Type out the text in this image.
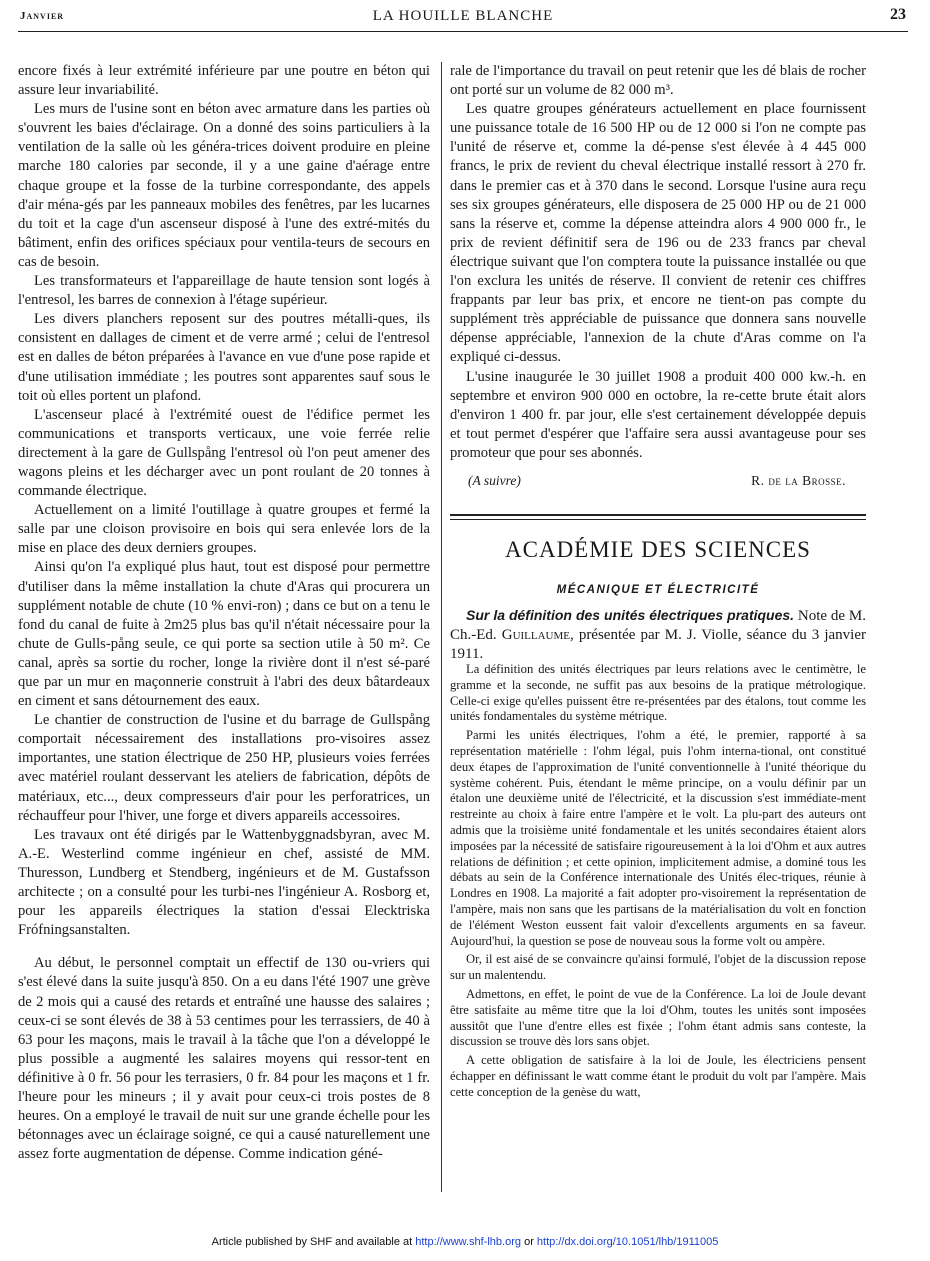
Janvier	LA HOUILLE BLANCHE	23

encore fixés à leur extrémité inférieure par une poutre en béton qui assure leur invariabilité.

Les murs de l'usine sont en béton avec armature dans les parties où s'ouvrent les baies d'éclairage. On a donné des soins particuliers à la ventilation de la salle où les généra-trices doivent produire en pleine marche 180 calories par seconde, il y a une gaine d'aérage entre chaque groupe et la fosse de la turbine correspondante, des appels d'air ména-gés par les panneaux mobiles des fenêtres, par les lucarnes du toit et la cage d'un ascenseur disposé à l'une des extré-mités du bâtiment, enfin des orifices spéciaux pour ventila-teurs de secours en cas de besoin.

Les transformateurs et l'appareillage de haute tension sont logés à l'entresol, les barres de connexion à l'étage supérieur.

Les divers planchers reposent sur des poutres métalli-ques, ils consistent en dallages de ciment et de verre armé ; celui de l'entresol est en dalles de béton préparées à l'avance en vue d'une pose rapide et d'une utilisation immédiate ; les poutres sont apparentes sauf sous le toit où elles portent un plafond.

L'ascenseur placé à l'extrémité ouest de l'édifice permet les communications et transports verticaux, une voie ferrée relie directement à la gare de Gullspång l'entresol où l'on peut amener des wagons pleins et les décharger avec un pont roulant de 20 tonnes à commande électrique.

Actuellement on a limité l'outillage à quatre groupes et fermé la salle par une cloison provisoire en bois qui sera enlevée lors de la mise en place des deux derniers groupes.

Ainsi qu'on l'a expliqué plus haut, tout est disposé pour permettre d'utiliser dans la même installation la chute d'Aras qui procurera un supplément notable de chute (10 % envi-ron) ; dans ce but on a tenu le fond du canal de fuite à 2m25 plus bas qu'il n'était nécessaire pour la chute de Gulls-pång seule, ce qui porte sa section utile à 50 m². Ce canal, après sa sortie du rocher, longe la rivière dont il n'est sé-paré que par un mur en maçonnerie construit à l'abri des deux bâtardeaux en ciment et sans détournement des eaux.

Le chantier de construction de l'usine et du barrage de Gullspång comportait nécessairement des installations pro-visoires assez importantes, une station électrique de 250 HP, plusieurs voies ferrées avec matériel roulant desservant les ateliers de fabrication, dépôts de matériaux, etc..., deux compresseurs d'air pour les perforatrices, un réchauffeur pour l'hiver, une forge et divers appareils accessoires.

Les travaux ont été dirigés par le Wattenbyggnadsbyran, avec M. A.-E. Westerlind comme ingénieur en chef, assisté de MM. Thuresson, Lundberg et Stendberg, ingénieurs et de M. Gustafsson architecte ; on a consulté pour les turbi-nes l'ingénieur A. Rosborg et, pour les appareils électriques la station d'essai Elecktriska Frófningsanstalten.

Au début, le personnel comptait un effectif de 130 ou-vriers qui s'est élevé dans la suite jusqu'à 850. On a eu dans l'été 1907 une grève de 2 mois qui a causé des retards et entraîné une hausse des salaires ; ceux-ci se sont élevés de 38 à 53 centimes pour les terrassiers, de 40 à 63 pour les maçons, mais le travail à la tâche que l'on a développé le plus possible a augmenté les salaires moyens qui ressor-tent en définitive à 0 fr. 56 pour les terrasiers, 0 fr. 84 pour les maçons et 1 fr. l'heure pour les mineurs ; il y avait pour ceux-ci trois postes de 8 heures. On a employé le travail de nuit sur une grande échelle pour les bétonnages avec un éclairage soigné, ce qui a causé naturellement une assez forte augmentation de dépense. Comme indication géné-

rale de l'importance du travail on peut retenir que les dé blais de rocher ont porté sur un volume de 82 000 m³.

Les quatre groupes générateurs actuellement en place fournissent une puissance totale de 16 500 HP ou de 12 000 si l'on ne compte pas l'unité de réserve et, comme la dé-pense s'est élevée à 4 445 000 francs, le prix de revient du cheval électrique installé ressort à 270 fr. dans le premier cas et à 370 dans le second. Lorsque l'usine aura reçu ses six groupes générateurs, elle disposera de 25 000 HP ou de 21 000 sans la réserve et, comme la dépense atteindra alors 4 900 000 fr., le prix de revient définitif sera de 196 ou de 233 francs par cheval électrique suivant que l'on comptera toute la puissance installée ou que l'on exclura les unités de réserve. Il convient de retenir ces chiffres frappants par leur bas prix, et encore ne tient-on pas compte du supplément très appréciable de puissance que donnera sans nouvelle dépense appréciable, l'annexion de la chute d'Aras comme on l'a expliqué ci-dessus.

L'usine inaugurée le 30 juillet 1908 a produit 400 000 kw.-h. en septembre et environ 900 000 en octobre, la re-cette brute était alors d'environ 1 400 fr. par jour, elle s'est certainement développée depuis et tout permet d'espérer que l'affaire sera aussi avantageuse pour ses promoteur que pour ses abonnés.

(A suivre)	R. de la Brosse.
ACADÉMIE DES SCIENCES
MÉCANIQUE ET ÉLECTRICITÉ

Sur la définition des unités électriques pratiques. Note de M. Ch.-Ed. Guillaume, présentée par M. J. Violle, séance du 3 janvier 1911.

La définition des unités électriques par leurs relations avec le centimètre, le gramme et la seconde, ne suffit pas aux besoins de la pratique métrologique. Celle-ci exige qu'elles puissent être re-présentées par des étalons, tout comme les unités fondamentales du système métrique.

Parmi les unités électriques, l'ohm a été, le premier, rapporté à sa représentation matérielle : l'ohm légal, puis l'ohm interna-tional, ont constitué deux étapes de l'approximation de l'unité conventionnelle à l'unité théorique du système cohérent. Puis, étendant le même principe, on a voulu définir par un étalon une deuxième unité de l'électricité, et la discussion s'est immédiate-ment restreinte au choix à faire entre l'ampère et le volt. La plu-part des auteurs ont admis que la troisième unité fondamentale et les unités secondaires étaient alors imposées par la nécessité de satisfaire rigoureusement à la loi d'Ohm et aux autres relations de définition ; et cette opinion, implicitement admise, a dominé tous les débats au sein de la Conférence internationale des Unités élec-triques, réunie à Londres en 1908. La majorité a fait adopter pro-visoirement la représentation de l'ampère, mais non sans que les partisans de la matérialisation du volt en fonction de l'élément Weston eussent fait valoir d'excellents arguments en sa faveur. Aujourd'hui, la question se pose de nouveau sous la forme volt ou ampère.

Or, il est aisé de se convaincre qu'ainsi formulé, l'objet de la discussion repose sur un malentendu.

Admettons, en effet, le point de vue de la Conférence. La loi de Joule devant être satisfaite au même titre que la loi d'Ohm, toutes les unités sont imposées aussitôt que l'une d'entre elles est fixée ; l'ohm étant admis sans conteste, la discussion se trouve dès lors sans objet.

A cette obligation de satisfaire à la loi de Joule, les électriciens pensent échapper en définissant le watt comme étant le produit du volt par l'ampère. Mais cette conception de la genèse du watt,

Article published by SHF and available at http://www.shf-lhb.org or http://dx.doi.org/10.1051/lhb/1911005
